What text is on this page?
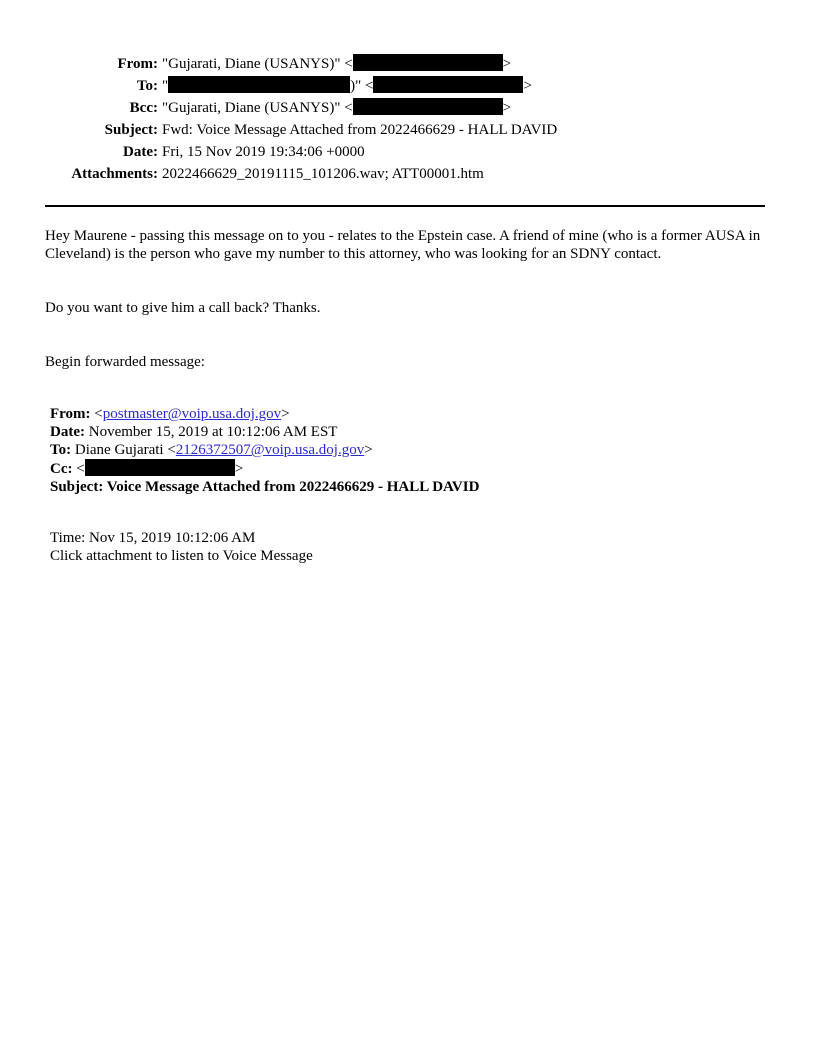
From:	"Gujarati, Diane (USANYS)" < >
To:	" )" < >
Bcc:	"Gujarati, Diane (USANYS)" < >
Subject:	Fwd: Voice Message Attached from 2022466629 - HALL DAVID
Date:	Fri, 15 Nov 2019 19:34:06 +0000
Attachments:	2022466629_20191115_101206.wav; ATT00001.htm

Hey Maurene - passing this message on to you - relates to the Epstein case. A friend of mine (who is a former AUSA in Cleveland) is the person who gave my number to this attorney, who was looking for an SDNY contact.

Do you want to give him a call back? Thanks.

Begin forwarded message:

From: <postmaster@voip.usa.doj.gov>
Date: November 15, 2019 at 10:12:06 AM EST
To: Diane Gujarati <2126372507@voip.usa.doj.gov>
Cc: <	>
Subject: Voice Message Attached from 2022466629 - HALL DAVID
Time: Nov 15, 2019 10:12:06 AM
Click attachment to listen to Voice Message
